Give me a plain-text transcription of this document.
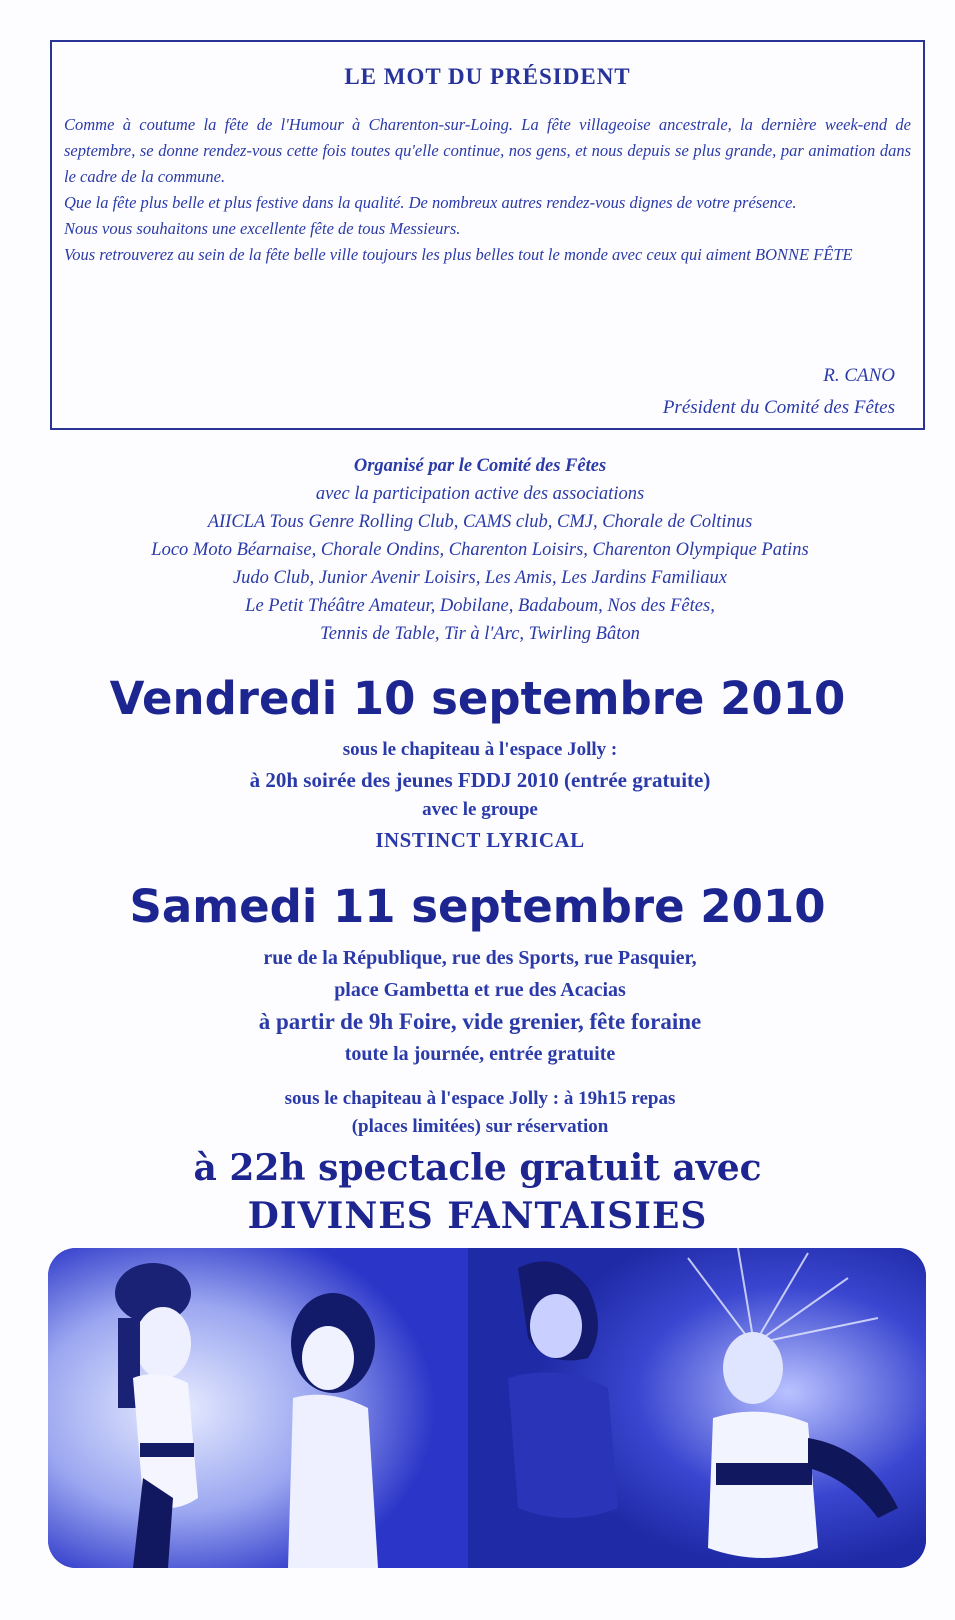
LE MOT DU PRÉSIDENT

Comme à coutume la fête de l'Humour à Charenton-sur-Loing. La fête villageoise ancestrale, la dernière week-end de septembre, se donne rendez-vous cette fois toutes qu'elle continue, nos gens, et nous depuis se plus grande, par animation dans le cadre de la commune.

Que la fête plus belle et plus festive dans la qualité. De nombreux autres rendez-vous dignes de votre présence.

Nous vous souhaitons une excellente fête de tous Messieurs.

Vous retrouverez au sein de la fête belle ville toujours les plus belles tout le monde avec ceux qui aiment BONNE FÊTE

R. CANO
Président du Comité des Fêtes
Organisé par le Comité des Fêtes
avec la participation active des associations
AIICLA Tous Genre Rolling Club, CAMS club, CMJ, Chorale de Coltinus
Loco Moto Béarnaise, Chorale Ondins, Charenton Loisirs, Charenton Olympique Patins
Judo Club, Junior Avenir Loisirs, Les Amis, Les Jardins Familiaux
Le Petit Théâtre Amateur, Dobilane, Badaboum, Nos des Fêtes,
Tennis de Table, Tir à l'Arc, Twirling Bâton
Vendredi 10 septembre 2010
sous le chapiteau à l'espace Jolly :
à 20h soirée des jeunes FDDJ 2010 (entrée gratuite)
avec le groupe
INSTINCT LYRICAL
Samedi 11 septembre 2010
rue de la République, rue des Sports, rue Pasquier,
place Gambetta et rue des Acacias
à partir de 9h Foire, vide grenier, fête foraine
toute la journée, entrée gratuite
sous le chapiteau à l'espace Jolly : à 19h15 repas
(places limitées) sur réservation
à 22h spectacle gratuit avec
DIVINES FANTAISIES
